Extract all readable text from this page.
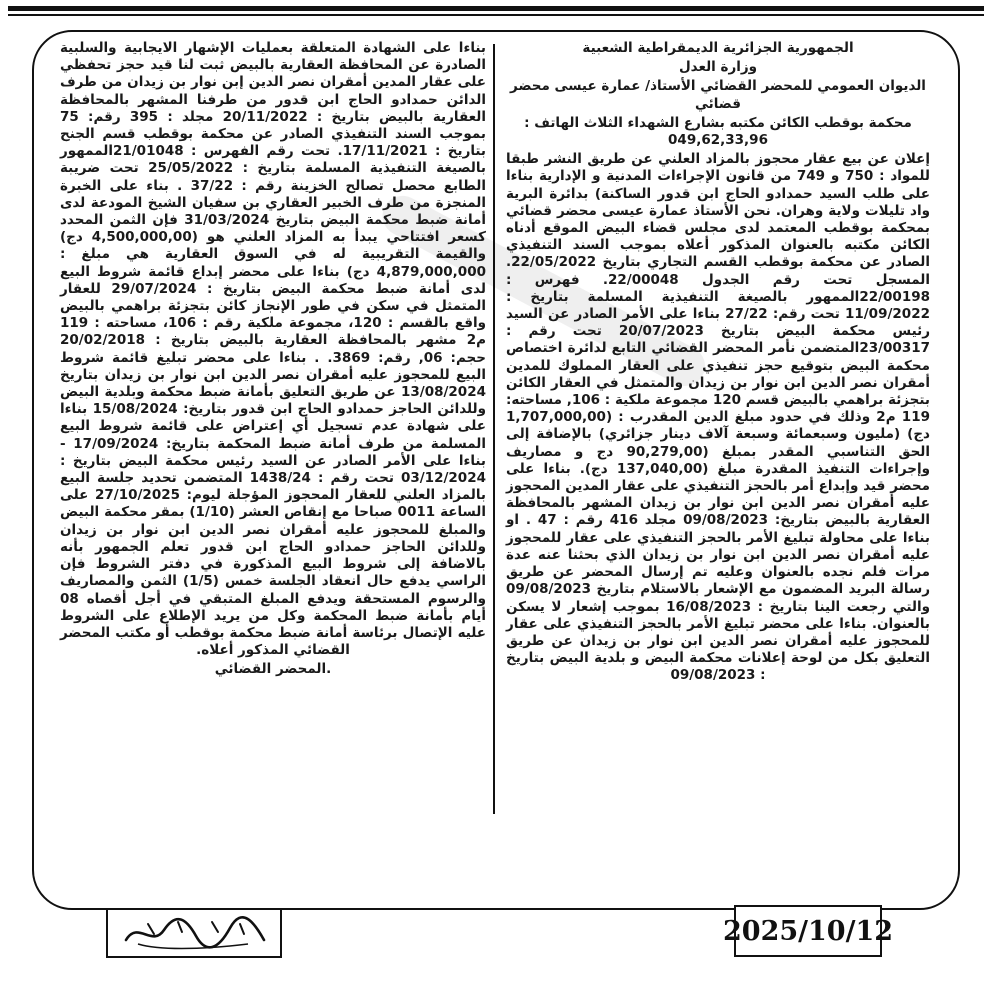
الجمهورية الجزائرية الديمقراطية الشعبية

وزارة العدل

الديوان العمومي للمحضر القضائي الأستاذ/ عمارة عيسى محضر قضائي

محكمة بوقطب الكائن مكتبه بشارع الشهداء الثلاث الهاتف : 049,62,33,96

إعلان عن بيع عقار محجوز بالمزاد العلني عن طريق النشر طبقا للمواد : 750 و 749 من قانون الإجراءات المدنية و الإدارية بناءا على طلب السيد حمدادو الحاج ابن قدور الساكنة) بدائرة البرية واد تليلات ولاية وهران. نحن الأستاذ عمارة عيسى محضر قضائي بمحكمة بوقطب المعتمد لدى مجلس قضاء البيض الموقع أدناه الكائن مكتبه بالعنوان المذكور أعلاه بموجب السند التنفيذي الصادر عن محكمة بوقطب القسم التجاري بتاريخ 22/05/2022. المسجل تحت رقم الجدول 22/00048. فهرس : 22/00198الممهور بالصيغة التنفيذية المسلمة بتاريخ : 11/09/2022 تحت رقم: 27/22 بناءا على الأمر الصادر عن السيد رئيس محكمة البيض بتاريخ 20/07/2023 تحت رقم : 23/00317المتضمن نأمر المحضر القضائي التابع لدائرة اختصاص محكمة البيض بتوقيع حجز تنفيذي على العقار المملوك للمدين أمقران نصر الدين ابن نوار بن زيدان والمتمثل في العقار الكائن بتجزئة براهمي بالبيض قسم 120 مجموعة ملكية : 106, مساحته: 119 م2 وذلك في حدود مبلغ الدين المقدرب : (1,707,000,00 دج) (مليون وسبعمائة وسبعة آلاف دينار جزائري) بالإضافة إلى الحق التناسبي المقدر بمبلغ (90,279,00 دج و مصاريف وإجراءات التنفيذ المقدرة مبلغ (137,040,00 دج). بناءا على محضر قيد وإبداع أمر بالحجز التنفيذي على عقار المدين المحجوز عليه أمقران نصر الدين ابن نوار بن زيدان المشهر بالمحافظة العقارية بالبيض بتاريخ: 09/08/2023 مجلد 416 رقم : 47 . او بناءا على محاولة تبليغ الأمر بالحجز التنفيذي على عقار للمحجوز عليه أمقران نصر الدين ابن نوار بن زيدان الذي بحثنا عنه عدة مرات فلم نجده بالعنوان وعليه تم إرسال المحضر عن طريق رسالة البريد المضمون مع الإشعار بالاستلام بتاريخ 09/08/2023 والتي رجعت الينا بتاريخ : 16/08/2023 بموجب إشعار لا يسكن بالعنوان. بناءا على محضر تبليغ الأمر بالحجز التنفيذي على عقار للمحجوز عليه أمقران نصر الدين ابن نوار بن زيدان عن طريق التعليق بكل من لوحة إعلانات محكمة البيض و بلدية البيض بتاريخ : 09/08/2023

بناءا على الشهادة المتعلقة بعمليات الإشهار الايجابية والسلبية الصادرة عن المحافظة العقارية بالبيض ثبت لنا قيد حجز تحفظي على عقار المدين أمقران نصر الدين إبن نوار بن زيدان من طرف الدائن حمدادو الحاج ابن قدور من طرفنا المشهر بالمحافظة العقارية بالبيض بتاريخ : 20/11/2022 مجلد : 395 رقم: 75 بموجب السند التنفيذي الصادر عن محكمة بوقطب قسم الجنح بتاريخ : 17/11/2021. تحت رقم الفهرس : 21/01048الممهور بالصيغة التنفيذية المسلمة بتاريخ : 25/05/2022 تحت ضريبة الطابع محصل تصالح الخزينة رقم : 37/22 . بناء على الخبرة المنجزة من طرف الخبير العقاري بن سفيان الشيخ المودعة لدى أمانة ضبط محكمة البيض بتاريخ 31/03/2024 فإن الثمن المحدد كسعر افتتاحي يبدأ به المزاد العلني هو (4,500,000,00 دج) والقيمة التقريبية له في السوق العقارية هي مبلغ : 4,879,000,000 دج) بناءا على محضر إبداع قائمة شروط البيع لدى أمانة ضبط محكمة البيض بتاريخ : 29/07/2024 للعقار المتمثل في سكن في طور الإنجاز كائن بتجزئة براهمي بالبيض واقع بالقسم : 120، مجموعة ملكية رقم : 106، مساحته : 119 م2 مشهر بالمحافظة العقارية بالبيض بتاريخ : 20/02/2018 حجم: 06, رقم: 3869. . بناءا على محضر تبليغ قائمة شروط البيع للمحجوز عليه أمقران نصر الدين ابن نوار بن زيدان بتاريخ 13/08/2024 عن طريق التعليق بأمانة ضبط محكمة وبلدية البيض وللدائن الحاجز حمدادو الحاج ابن قدور بتاريخ: 15/08/2024 بناءا على شهادة عدم تسجيل أي إعتراض على قائمة شروط البيع المسلمة من طرف أمانة ضبط المحكمة بتاريخ: 17/09/2024 - بناءا على الأمر الصادر عن السيد رئيس محكمة البيض بتاريخ : 03/12/2024 تحت رقم : 1438/24 المتضمن تحديد جلسة البيع بالمزاد العلني للعقار المحجوز المؤجلة ليوم: 27/10/2025 على الساعة 0011 صباحا مع إنقاص العشر (1/10) بمقر محكمة البيض والمبلغ للمحجوز عليه أمقران نصر الدين ابن نوار بن زيدان وللدائن الحاجز حمدادو الحاج ابن قدور تعلم الجمهور بأنه بالاضافة إلى شروط البيع المذكورة في دفتر الشروط فإن الراسي يدفع حال انعقاد الجلسة خمس (1/5) الثمن والمصاريف والرسوم المستحقة ويدفع المبلغ المتبقي في أجل أقصاه 08 أيام بأمانة ضبط المحكمة وكل من يريد الإطلاع على الشروط عليه الإتصال برئاسة أمانة ضبط محكمة بوقطب أو مكتب المحضر القضائي المذكور أعلاه.

.المحضر القضائي

2025/10/12
